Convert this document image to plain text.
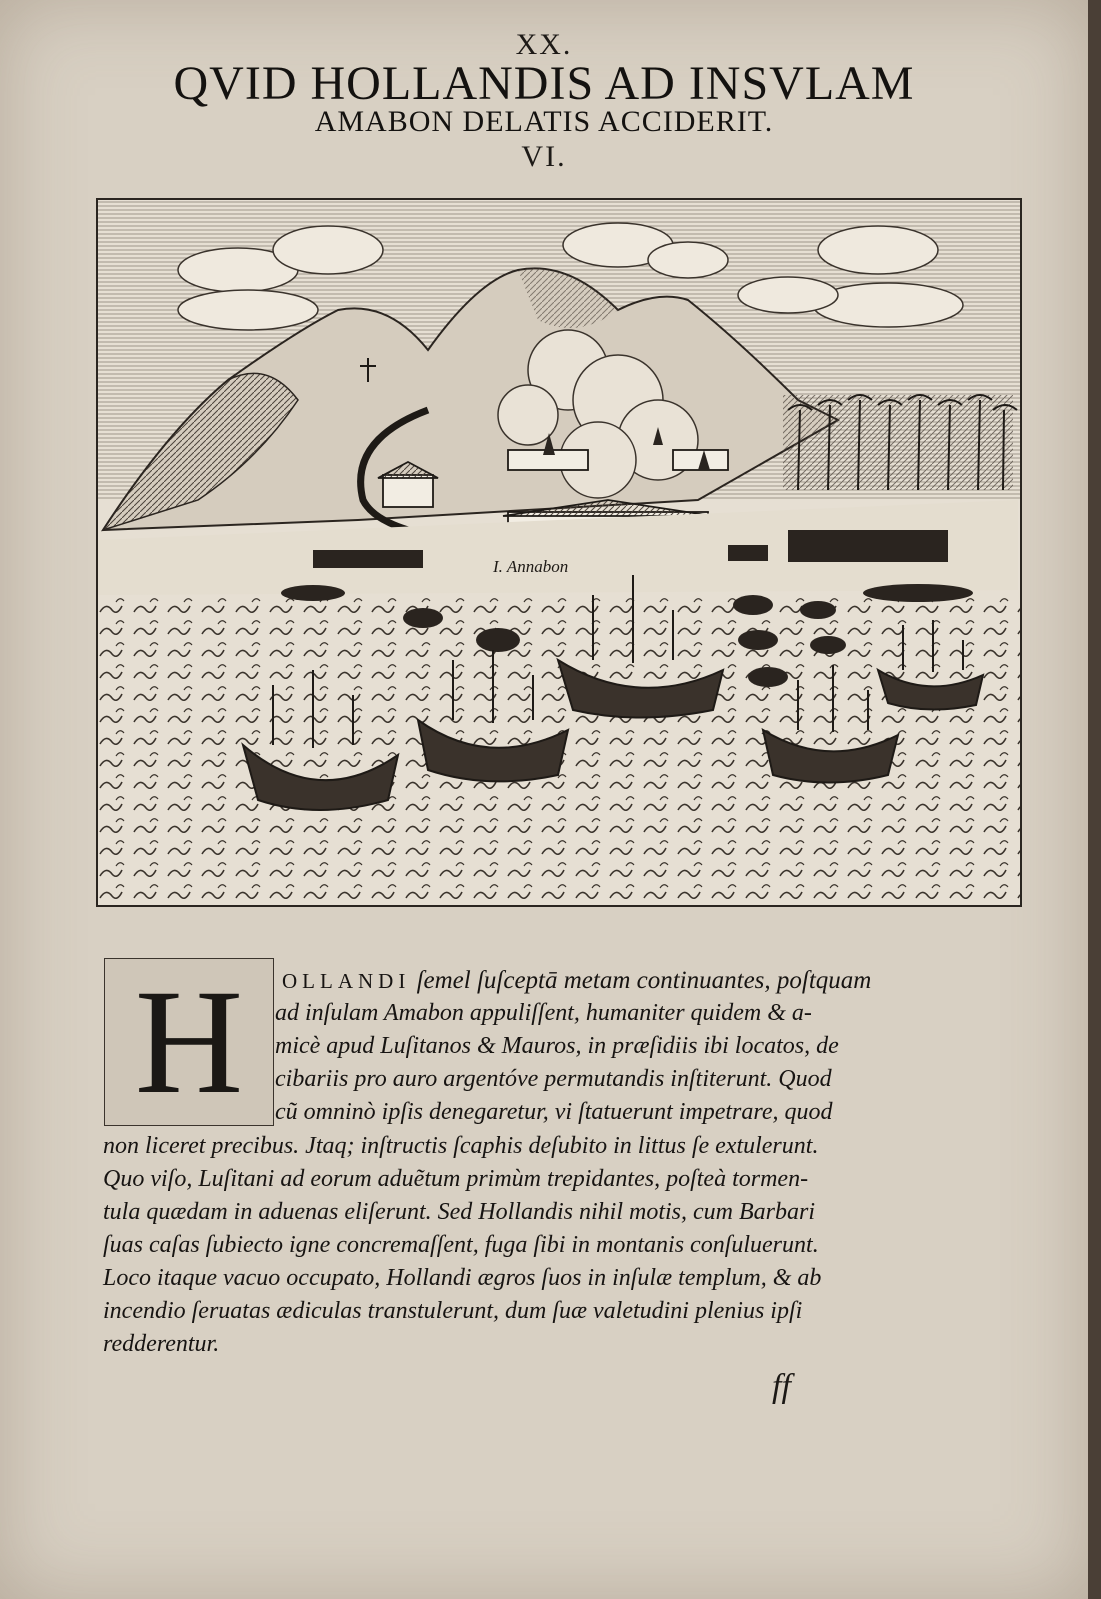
XX.
QVID HOLLANDIS AD INSVLAM
AMABON DELATIS ACCIDERIT.
VI.
I. Annabon
H	OLLANDI ſemel ſuſceptā metam continuantes, poſtquam
ad inſulam Amabon appuliſſent, humaniter quidem & a-
micè apud Luſitanos & Mauros, in præſidiis ibi locatos, de
cibariis pro auro argentóve permutandis inſtiterunt. Quod
cũ omninò ipſis denegaretur, vi ſtatuerunt impetrare, quod
non liceret precibus. Jtaq; inſtructis ſcaphis deſubito in littus ſe extulerunt.
Quo viſo, Luſitani ad eorum aduẽtum primùm trepidantes, poſteà tormen-
tula quædam in aduenas eliſerunt. Sed Hollandis nihil motis, cum Barbari
ſuas caſas ſubiecto igne concremaſſent, fuga ſibi in montanis conſuluerunt.
Loco itaque vacuo occupato, Hollandi ægros ſuos in inſulæ templum, & ab
incendio ſeruatas ædiculas transtulerunt, dum ſuæ valetudini plenius ipſi
redderentur.
ff
